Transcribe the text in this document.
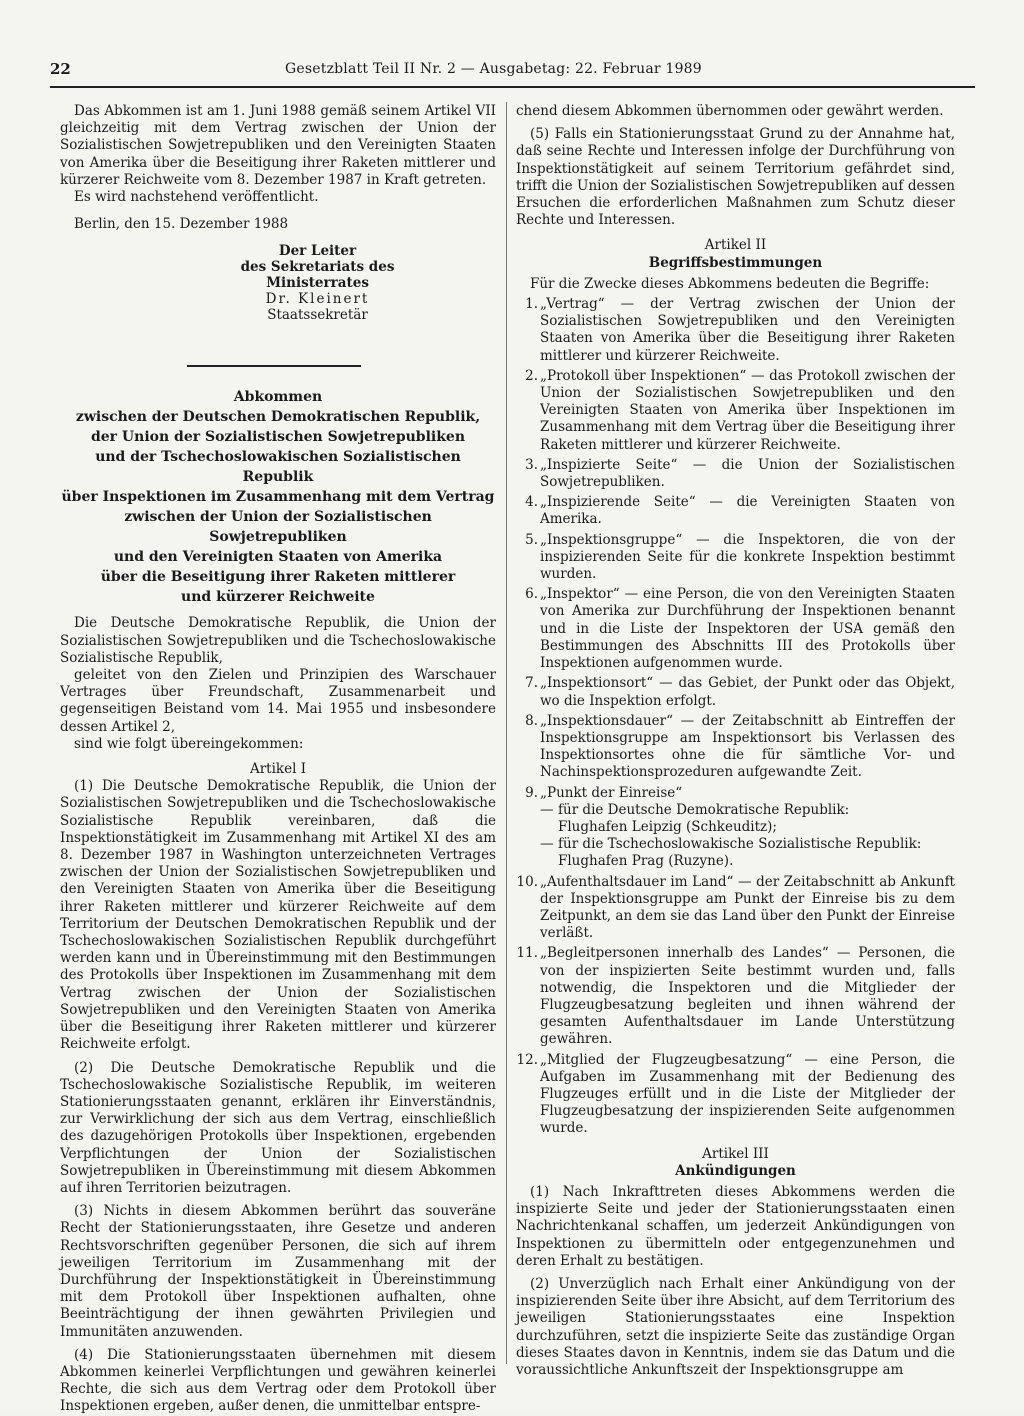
22	Gesetzblatt Teil II Nr. 2 — Ausgabetag: 22. Februar 1989

Das Abkommen ist am 1. Juni 1988 gemäß seinem Artikel VII gleichzeitig mit dem Vertrag zwischen der Union der Sozialistischen Sowjetrepubliken und den Vereinigten Staaten von Amerika über die Beseitigung ihrer Raketen mittlerer und kürzerer Reichweite vom 8. Dezember 1987 in Kraft getreten.

Es wird nachstehend veröffentlicht.

Berlin, den 15. Dezember 1988

Der Leiter
des Sekretariats des Ministerrates
Dr. Kleinert
Staatssekretär
Abkommen
zwischen der Deutschen Demokratischen Republik,
der Union der Sozialistischen Sowjetrepubliken
und der Tschechoslowakischen Sozialistischen Republik
über Inspektionen im Zusammenhang mit dem Vertrag
zwischen der Union der Sozialistischen Sowjetrepubliken
und den Vereinigten Staaten von Amerika
über die Beseitigung ihrer Raketen mittlerer
und kürzerer Reichweite

Die Deutsche Demokratische Republik, die Union der Sozialistischen Sowjetrepubliken und die Tschechoslowakische Sozialistische Republik,

geleitet von den Zielen und Prinzipien des Warschauer Vertrages über Freundschaft, Zusammenarbeit und gegenseitigen Beistand vom 14. Mai 1955 und insbesondere dessen Artikel 2,

sind wie folgt übereingekommen:

Artikel I

(1) Die Deutsche Demokratische Republik, die Union der Sozialistischen Sowjetrepubliken und die Tschechoslowakische Sozialistische Republik vereinbaren, daß die Inspektionstätigkeit im Zusammenhang mit Artikel XI des am 8. Dezember 1987 in Washington unterzeichneten Vertrages zwischen der Union der Sozialistischen Sowjetrepubliken und den Vereinigten Staaten von Amerika über die Beseitigung ihrer Raketen mittlerer und kürzerer Reichweite auf dem Territorium der Deutschen Demokratischen Republik und der Tschechoslowakischen Sozialistischen Republik durchgeführt werden kann und in Übereinstimmung mit den Bestimmungen des Protokolls über Inspektionen im Zusammenhang mit dem Vertrag zwischen der Union der Sozialistischen Sowjetrepubliken und den Vereinigten Staaten von Amerika über die Beseitigung ihrer Raketen mittlerer und kürzerer Reichweite erfolgt.

(2) Die Deutsche Demokratische Republik und die Tschechoslowakische Sozialistische Republik, im weiteren Stationierungsstaaten genannt, erklären ihr Einverständnis, zur Verwirklichung der sich aus dem Vertrag, einschließlich des dazugehörigen Protokolls über Inspektionen, ergebenden Verpflichtungen der Union der Sozialistischen Sowjetrepubliken in Übereinstimmung mit diesem Abkommen auf ihren Territorien beizutragen.

(3) Nichts in diesem Abkommen berührt das souveräne Recht der Stationierungsstaaten, ihre Gesetze und anderen Rechtsvorschriften gegenüber Personen, die sich auf ihrem jeweiligen Territorium im Zusammenhang mit der Durchführung der Inspektionstätigkeit in Übereinstimmung mit dem Protokoll über Inspektionen aufhalten, ohne Beeinträchtigung der ihnen gewährten Privilegien und Immunitäten anzuwenden.

(4) Die Stationierungsstaaten übernehmen mit diesem Abkommen keinerlei Verpflichtungen und gewähren keinerlei Rechte, die sich aus dem Vertrag oder dem Protokoll über Inspektionen ergeben, außer denen, die unmittelbar entspre-

chend diesem Abkommen übernommen oder gewährt werden.

(5) Falls ein Stationierungsstaat Grund zu der Annahme hat, daß seine Rechte und Interessen infolge der Durchführung von Inspektionstätigkeit auf seinem Territorium gefährdet sind, trifft die Union der Sozialistischen Sowjetrepubliken auf dessen Ersuchen die erforderlichen Maßnahmen zum Schutz dieser Rechte und Interessen.

Artikel II
Begriffsbestimmungen

Für die Zwecke dieses Abkommens bedeuten die Begriffe:

1. „Vertrag“ — der Vertrag zwischen der Union der Sozialistischen Sowjetrepubliken und den Vereinigten Staaten von Amerika über die Beseitigung ihrer Raketen mittlerer und kürzerer Reichweite.
2. „Protokoll über Inspektionen“ — das Protokoll zwischen der Union der Sozialistischen Sowjetrepubliken und den Vereinigten Staaten von Amerika über Inspektionen im Zusammenhang mit dem Vertrag über die Beseitigung ihrer Raketen mittlerer und kürzerer Reichweite.
3. „Inspizierte Seite“ — die Union der Sozialistischen Sowjetrepubliken.
4. „Inspizierende Seite“ — die Vereinigten Staaten von Amerika.
5. „Inspektionsgruppe“ — die Inspektoren, die von der inspizierenden Seite für die konkrete Inspektion bestimmt wurden.
6. „Inspektor“ — eine Person, die von den Vereinigten Staaten von Amerika zur Durchführung der Inspektionen benannt und in die Liste der Inspektoren der USA gemäß den Bestimmungen des Abschnitts III des Protokolls über Inspektionen aufgenommen wurde.
7. „Inspektionsort“ — das Gebiet, der Punkt oder das Objekt, wo die Inspektion erfolgt.
8. „Inspektionsdauer“ — der Zeitabschnitt ab Eintreffen der Inspektionsgruppe am Inspektionsort bis Verlassen des Inspektionsortes ohne die für sämtliche Vor- und Nachinspektionsprozeduren aufgewandte Zeit.
9. „Punkt der Einreise“
— für die Deutsche Demokratische Republik:
Flughafen Leipzig (Schkeuditz);
— für die Tschechoslowakische Sozialistische Republik:
Flughafen Prag (Ruzyne).
10. „Aufenthaltsdauer im Land“ — der Zeitabschnitt ab Ankunft der Inspektionsgruppe am Punkt der Einreise bis zu dem Zeitpunkt, an dem sie das Land über den Punkt der Einreise verläßt.
11. „Begleitpersonen innerhalb des Landes“ — Personen, die von der inspizierten Seite bestimmt wurden und, falls notwendig, die Inspektoren und die Mitglieder der Flugzeugbesatzung begleiten und ihnen während der gesamten Aufenthaltsdauer im Lande Unterstützung gewähren.
12. „Mitglied der Flugzeugbesatzung“ — eine Person, die Aufgaben im Zusammenhang mit der Bedienung des Flugzeuges erfüllt und in die Liste der Mitglieder der Flugzeugbesatzung der inspizierenden Seite aufgenommen wurde.
Artikel III
Ankündigungen

(1) Nach Inkrafttreten dieses Abkommens werden die inspizierte Seite und jeder der Stationierungsstaaten einen Nachrichtenkanal schaffen, um jederzeit Ankündigungen von Inspektionen zu übermitteln oder entgegenzunehmen und deren Erhalt zu bestätigen.

(2) Unverzüglich nach Erhalt einer Ankündigung von der inspizierenden Seite über ihre Absicht, auf dem Territorium des jeweiligen Stationierungsstaates eine Inspektion durchzuführen, setzt die inspizierte Seite das zuständige Organ dieses Staates davon in Kenntnis, indem sie das Datum und die voraussichtliche Ankunftszeit der Inspektionsgruppe am
